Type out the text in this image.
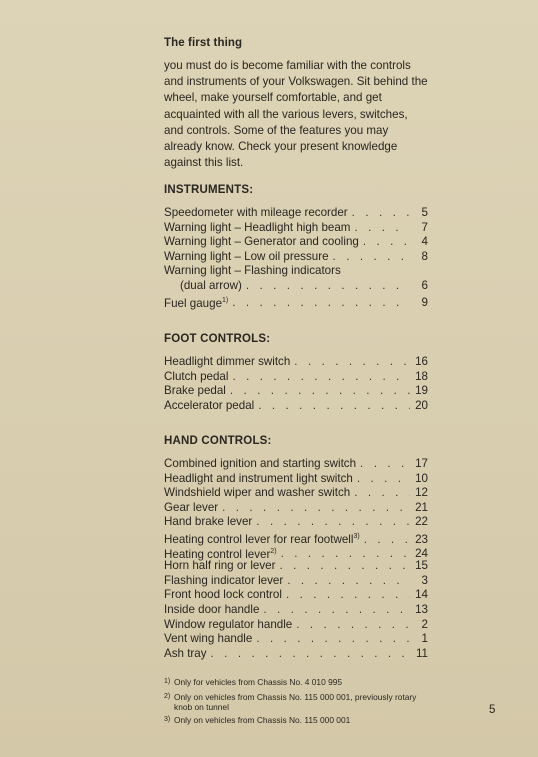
The first thing

you must do is become familiar with the controls and instruments of your Volkswagen. Sit behind the wheel, make yourself comfortable, and get acquainted with all the various levers, switches, and controls. Some of the features you may already know. Check your present knowledge against this list.

INSTRUMENTS:
Speedometer with mileage recorder . . .	5
Warning light – Headlight high beam . . .	7
Warning light – Generator and cooling . . .	4
Warning light – Low oil pressure . . .	8
Warning light – Flashing indicators
(dual arrow) . . .	6
Fuel gauge$^{1)}$ . . .	9
FOOT CONTROLS:
Headlight dimmer switch . . .	16
Clutch pedal . . .	18
Brake pedal . . .	19
Accelerator pedal . . .	20
HAND CONTROLS:
Combined ignition and starting switch . . .	17
Headlight and instrument light switch . . .	10
Windshield wiper and washer switch . . .	12
Gear lever . . .	21
Hand brake lever . . .	22
Heating control lever for rear footwell$^{3)}$ . . .	23
Heating control lever$^{2)}$ . . .	24
Horn half ring or lever . . .	15
Flashing indicator lever . . .	3
Front hood lock control . . .	14
Inside door handle . . .	13
Window regulator handle . . .	2
Vent wing handle . . .	1
Ash tray . . .	11
$^{1)}$ Only for vehicles from Chassis No. 4 010 995
$^{2)}$ Only on vehicles from Chassis No. 115 000 001, previously rotary knob on tunnel
$^{3)}$ Only on vehicles from Chassis No. 115 000 001
5
